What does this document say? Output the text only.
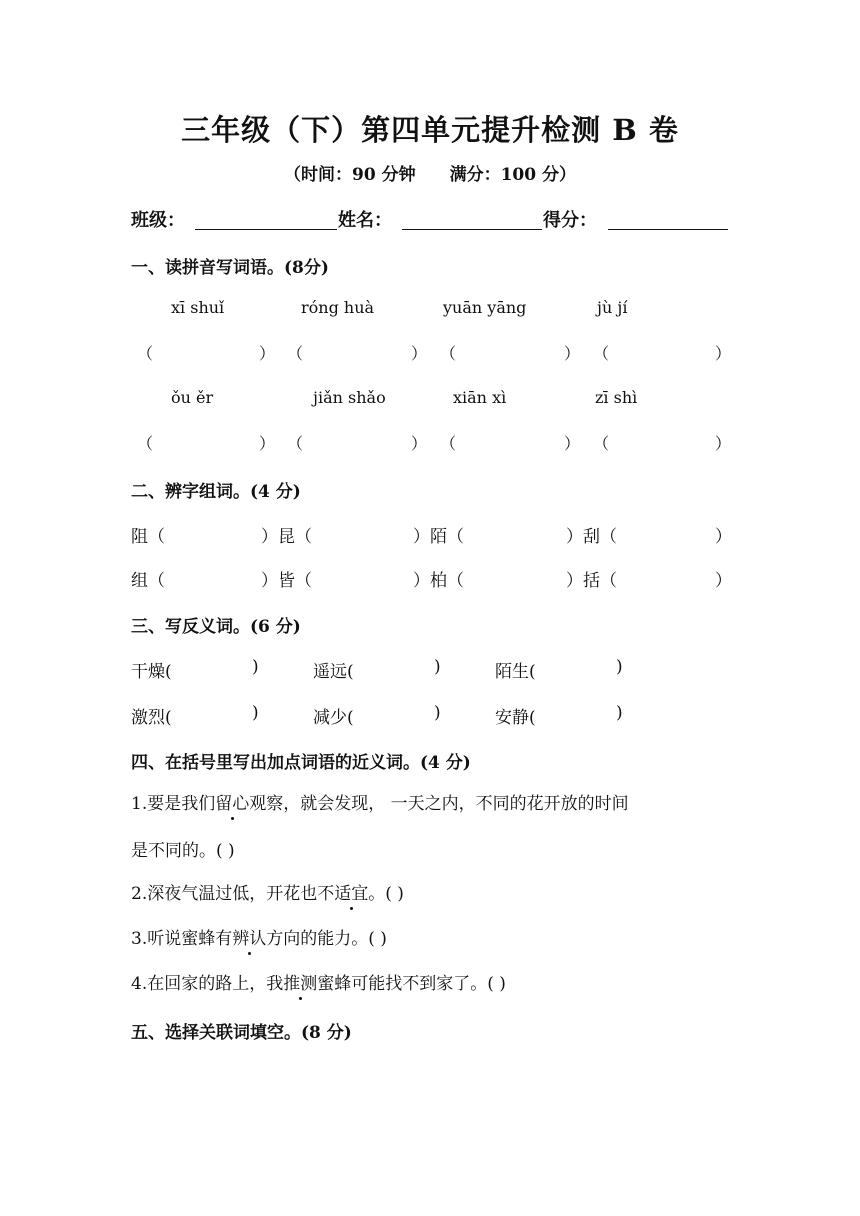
三年级（下）第四单元提升检测 B 卷
（时间：90 分钟 满分：100 分）
班级：	姓名：	得分：
一、读拼音写词语。(8分)
xī shuǐ	róng huà	yuān yāng	jù jí
（	） （	） （	） （	）
ǒu ěr	jiǎn shǎo	xiān xì	zī shì
（	） （	） （	） （	）
二、辨字组词。(4 分)
阻（	）昆（	）陌（	）刮（	）
组（	）皆（	）柏（	）括（	）
三、写反义词。(6 分)
干燥(	)	遥远(	)	陌生(	)
激烈(	)	减少(	)	安静(	)
四、在括号里写出加点词语的近义词。(4 分)
1.要是我们留心观察，就会发现， 一天之内，不同的花开放的时间
是不同的。( )
2.深夜气温过低，开花也不适宜。( )
3.听说蜜蜂有辨认方向的能力。( )
4.在回家的路上，我推测蜜蜂可能找不到家了。( )
五、选择关联词填空。(8 分)
